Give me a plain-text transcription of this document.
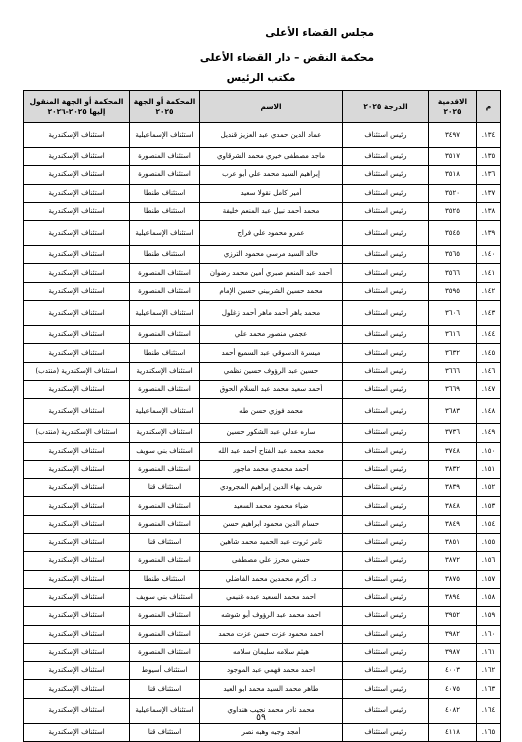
مجلس القضاء الأعلى
محكمة النقض – دار القضاء الأعلى
مكتب الرئيس
م	الاقدمية ٢٠٢٥	الدرجة ٢٠٢٥	الاسم	المحكمة أو الجهة ٢٠٢٥	المحكمة أو الجهة المنقول إليها ٢٠٢٥-٢٠٢٦
١٣٤.	٣٤٩٧	رئيس استئناف	عماد الدين حمدي عبد العزيز قنديل	استئناف الإسماعيلية	استئناف الإسكندرية
١٣٥.	٣٥١٧	رئيس استئناف	ماجد مصطفى خيري محمد الشرقاوي	استئناف المنصورة	استئناف الإسكندرية
١٣٦.	٣٥١٨	رئيس استئناف	إبراهيم السيد محمد علي أبو عرب	استئناف المنصورة	استئناف الإسكندرية
١٣٧.	٣٥٢٠	رئيس استئناف	أمير كامل نقولا سعيد	استئناف طنطا	استئناف الإسكندرية
١٣٨.	٣٥٢٥	رئيس استئناف	محمد أحمد نبيل عبد المنعم خليفة	استئناف طنطا	استئناف الإسكندرية
١٣٩.	٣٥٤٥	رئيس استئناف	عمرو محمود علي فراج	استئناف الإسماعيلية	استئناف الإسكندرية
١٤٠.	٣٥٦٥	رئيس استئناف	خالد السيد مرسي محمود الترزي	استئناف طنطا	استئناف الإسكندرية
١٤١.	٣٥٦٦	رئيس استئناف	أحمد عبد المنعم صبري أمين محمد رضوان	استئناف المنصورة	استئناف الإسكندرية
١٤٢.	٣٥٩٥	رئيس استئناف	محمد حسين الشربيني حسين الإمام	استئناف المنصورة	استئناف الإسكندرية
١٤٣.	٣٦٠٦	رئيس استئناف	محمد باهر أحمد ماهر أحمد زغلول	استئناف الإسماعيلية	استئناف الإسكندرية
١٤٤.	٣٦١٦	رئيس استئناف	عجمي منصور محمد علي	استئناف المنصورة	استئناف الإسكندرية
١٤٥.	٣٦٣٢	رئيس استئناف	ميسرة الدسوقي عبد السميع أحمد	استئناف طنطا	استئناف الإسكندرية
١٤٦.	٣٦٦٦	رئيس استئناف	حسين عبد الرؤوف حسين نظمي	استئناف الإسكندرية	استئناف الإسكندرية (منتدب)
١٤٧.	٣٦٦٩	رئيس استئناف	أحمد سعيد محمد عبد السلام الحوق	استئناف المنصورة	استئناف الإسكندرية
١٤٨.	٣٦٨٣	رئيس استئناف	محمد فوزي حسن طه	استئناف الإسماعيلية	استئناف الإسكندرية
١٤٩.	٣٧٣٦	رئيس استئناف	ساره عدلي عبد الشكور حسين	استئناف الإسكندرية	استئناف الإسكندرية (منتدب)
١٥٠.	٣٧٤٨	رئيس استئناف	محمد محمد عبد الفتاح أحمد عبد الله	استئناف بني سويف	استئناف الإسكندرية
١٥١.	٣٨٣٢	رئيس استئناف	أحمد محمدي محمد ماجور	استئناف المنصورة	استئناف الإسكندرية
١٥٢.	٣٨٣٩	رئيس استئناف	شريف بهاء الدين إبراهيم المجرودي	استئناف قنا	استئناف الإسكندرية
١٥٣.	٣٨٤٨	رئيس استئناف	ضياء محمود محمد السعيد	استئناف المنصورة	استئناف الإسكندرية
١٥٤.	٣٨٤٩	رئيس استئناف	حسام الدين محمود ابراهيم حسن	استئناف المنصورة	استئناف الإسكندرية
١٥٥.	٣٨٥١	رئيس استئناف	تامر ثروت عبد الحميد محمد شاهين	استئناف قنا	استئناف الإسكندرية
١٥٦.	٣٨٧٢	رئيس استئناف	حسني محرز علي مصطفى	استئناف المنصورة	استئناف الإسكندرية
١٥٧.	٣٨٧٥	رئيس استئناف	د. أكرم محمدين محمد الفاضلي	استئناف طنطا	استئناف الإسكندرية
١٥٨.	٣٨٩٤	رئيس استئناف	احمد محمد السعيد عبده غنيمي	استئناف بني سويف	استئناف الإسكندرية
١٥٩.	٣٩٥٢	رئيس استئناف	احمد محمد عبد الرؤوف أبو شوشه	استئناف المنصورة	استئناف الإسكندرية
١٦٠.	٣٩٨٢	رئيس استئناف	احمد محمود عزت حسن عزت محمد	استئناف المنصورة	استئناف الإسكندرية
١٦١.	٣٩٨٧	رئيس استئناف	هيثم سلامه سليمان سلامه	استئناف المنصورة	استئناف الإسكندرية
١٦٢.	٤٠٠٣	رئيس استئناف	احمد محمد فهمي عبد الموجود	استئناف أسيوط	استئناف الإسكندرية
١٦٣.	٤٠٧٥	رئيس استئناف	طاهر محمد السيد محمد ابو العيد	استئناف قنا	استئناف الإسكندرية
١٦٤.	٤٠٨٢	رئيس استئناف	محمد نادر محمد نجيب هنداوي	استئناف الإسماعيلية	استئناف الإسكندرية
١٦٥.	٤١١٨	رئيس استئناف	أمجد وجيه وهبه نصر	استئناف قنا	استئناف الإسكندرية
٥٩
